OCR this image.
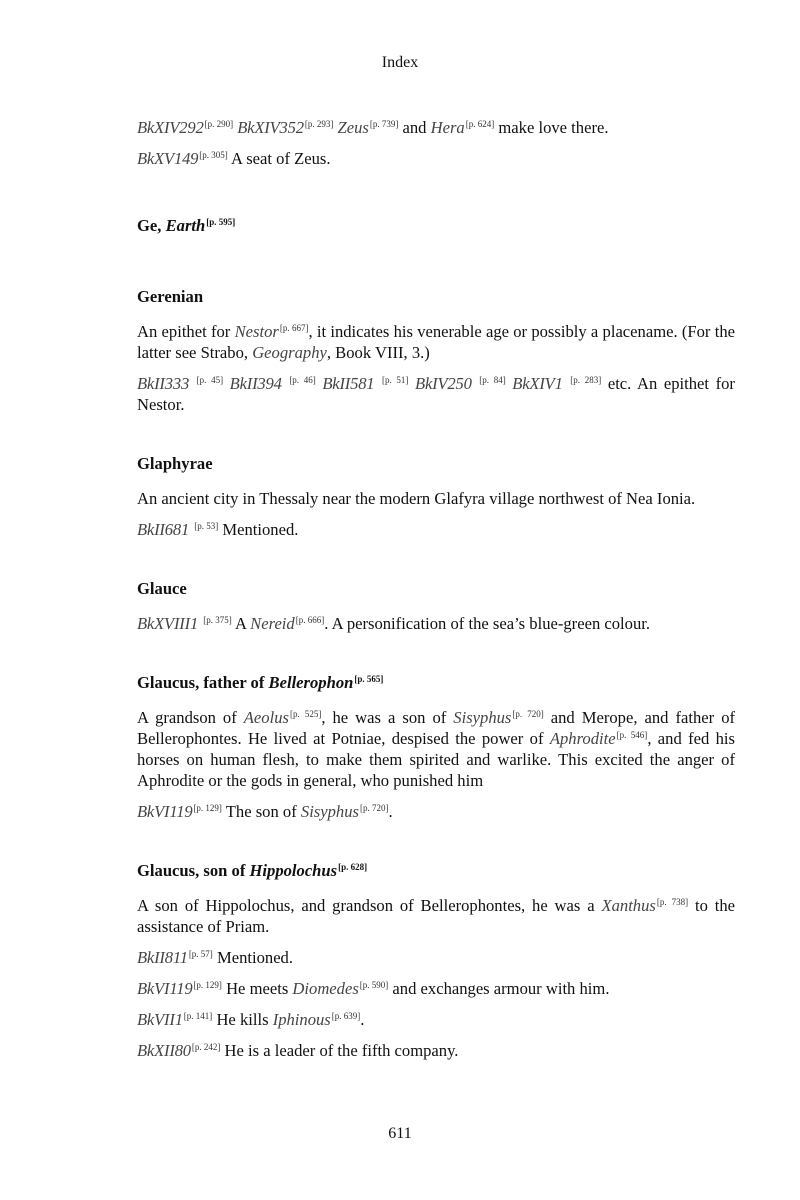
Index

BkXIV292[p. 290] BkXIV352[p. 293] Zeus[p. 739] and Hera[p. 624] make love there.

BkXV149[p. 305] A seat of Zeus.

Ge, Earth[p. 595]
Gerenian

An epithet for Nestor[p. 667], it indicates his venerable age or possibly a placename. (For the latter see Strabo, Geography, Book VIII, 3.)

BkII333 [p. 45] BkII394 [p. 46] BkII581 [p. 51] BkIV250 [p. 84] BkXIV1 [p. 283] etc. An epithet for Nestor.

Glaphyrae

An ancient city in Thessaly near the modern Glafyra village northwest of Nea Ionia.

BkII681 [p. 53] Mentioned.

Glauce

BkXVIII1 [p. 375] A Nereid[p. 666]. A personification of the sea’s blue-green colour.

Glaucus, father of Bellerophon[p. 565]

A grandson of Aeolus[p. 525], he was a son of Sisyphus[p. 720] and Merope, and father of Bellerophontes. He lived at Potniae, despised the power of Aphrodite[p. 546], and fed his horses on human flesh, to make them spirited and warlike. This excited the anger of Aphrodite or the gods in general, who punished him

BkVI119[p. 129] The son of Sisyphus[p. 720].

Glaucus, son of Hippolochus[p. 628]

A son of Hippolochus, and grandson of Bellerophontes, he was a Xanthus[p. 738] to the assistance of Priam.

BkII811[p. 57] Mentioned.

BkVI119[p. 129] He meets Diomedes[p. 590] and exchanges armour with him.

BkVII1[p. 141] He kills Iphinous[p. 639].

BkXII80[p. 242] He is a leader of the fifth company.

611
